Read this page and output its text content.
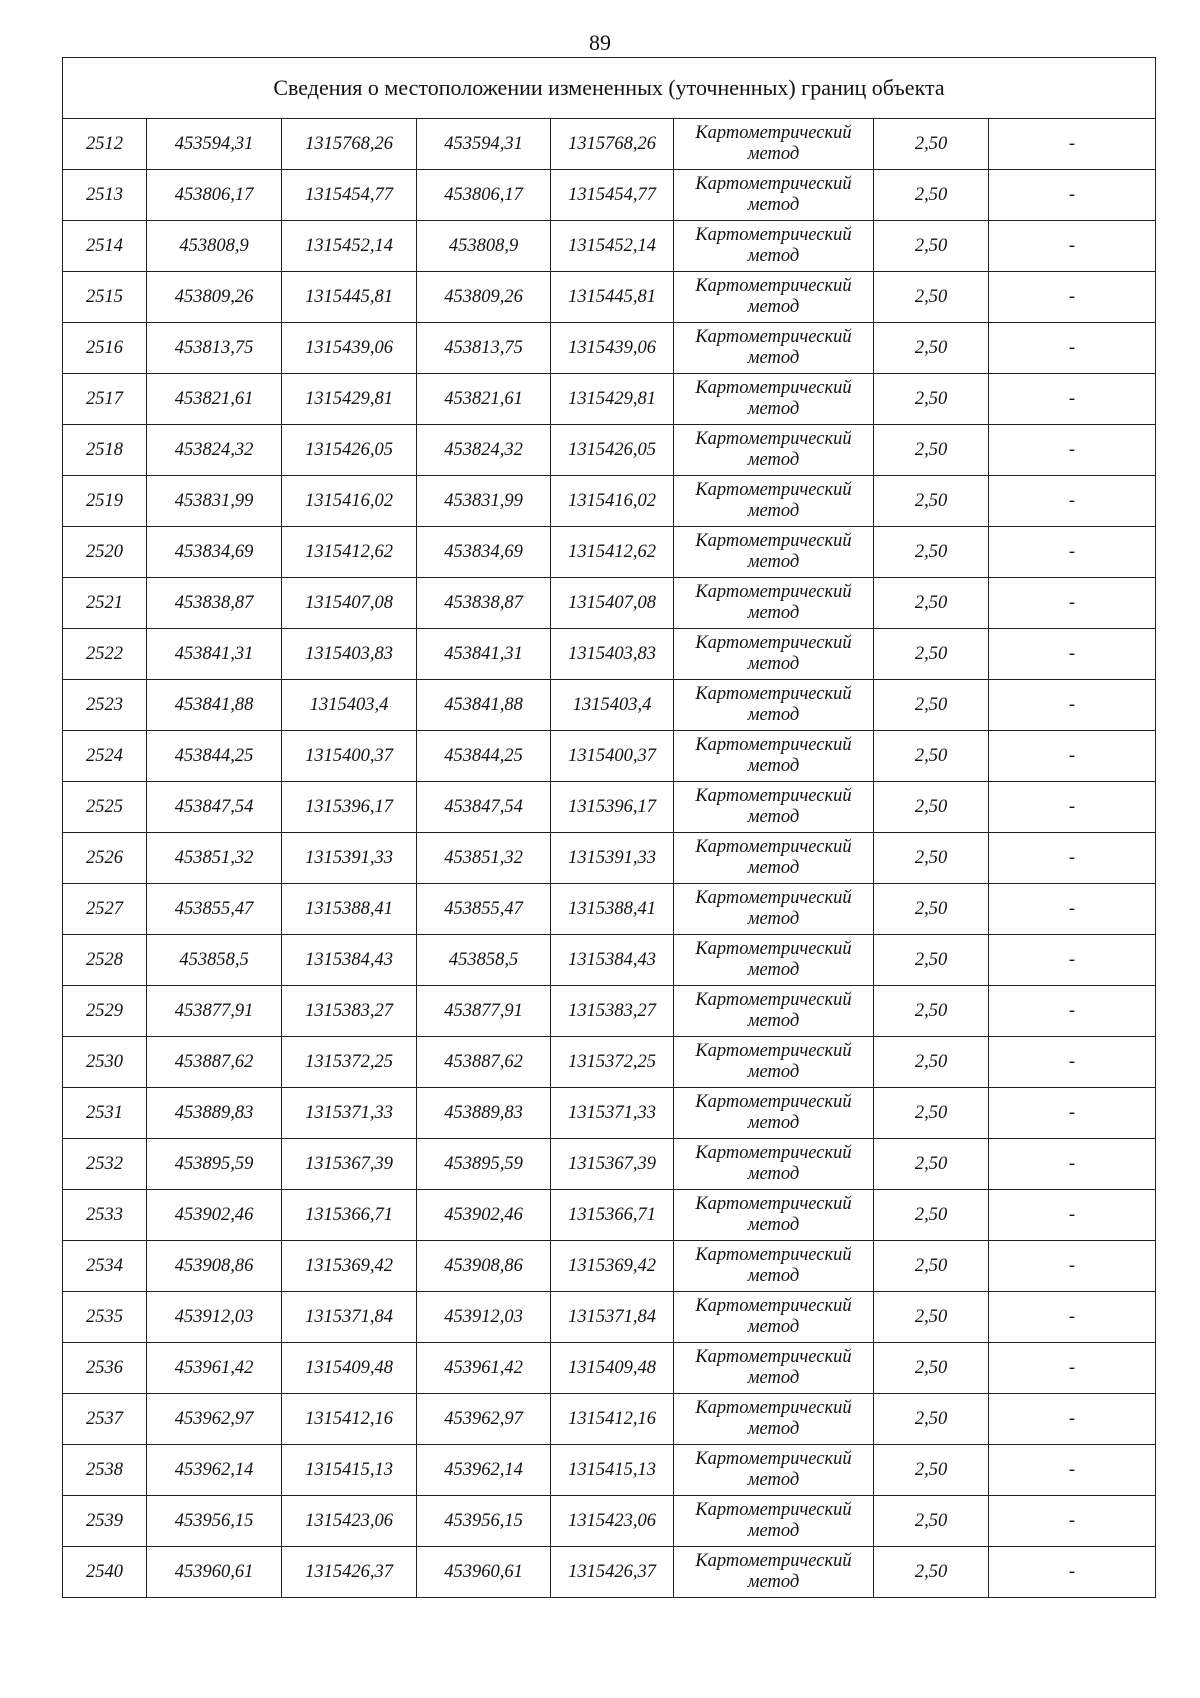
89
Сведения о местоположении измененных (уточненных) границ объекта							
2512	453594,31	1315768,26	453594,31	1315768,26	Картометрический
метод	2,50	-
2513	453806,17	1315454,77	453806,17	1315454,77	Картометрический
метод	2,50	-
2514	453808,9	1315452,14	453808,9	1315452,14	Картометрический
метод	2,50	-
2515	453809,26	1315445,81	453809,26	1315445,81	Картометрический
метод	2,50	-
2516	453813,75	1315439,06	453813,75	1315439,06	Картометрический
метод	2,50	-
2517	453821,61	1315429,81	453821,61	1315429,81	Картометрический
метод	2,50	-
2518	453824,32	1315426,05	453824,32	1315426,05	Картометрический
метод	2,50	-
2519	453831,99	1315416,02	453831,99	1315416,02	Картометрический
метод	2,50	-
2520	453834,69	1315412,62	453834,69	1315412,62	Картометрический
метод	2,50	-
2521	453838,87	1315407,08	453838,87	1315407,08	Картометрический
метод	2,50	-
2522	453841,31	1315403,83	453841,31	1315403,83	Картометрический
метод	2,50	-
2523	453841,88	1315403,4	453841,88	1315403,4	Картометрический
метод	2,50	-
2524	453844,25	1315400,37	453844,25	1315400,37	Картометрический
метод	2,50	-
2525	453847,54	1315396,17	453847,54	1315396,17	Картометрический
метод	2,50	-
2526	453851,32	1315391,33	453851,32	1315391,33	Картометрический
метод	2,50	-
2527	453855,47	1315388,41	453855,47	1315388,41	Картометрический
метод	2,50	-
2528	453858,5	1315384,43	453858,5	1315384,43	Картометрический
метод	2,50	-
2529	453877,91	1315383,27	453877,91	1315383,27	Картометрический
метод	2,50	-
2530	453887,62	1315372,25	453887,62	1315372,25	Картометрический
метод	2,50	-
2531	453889,83	1315371,33	453889,83	1315371,33	Картометрический
метод	2,50	-
2532	453895,59	1315367,39	453895,59	1315367,39	Картометрический
метод	2,50	-
2533	453902,46	1315366,71	453902,46	1315366,71	Картометрический
метод	2,50	-
2534	453908,86	1315369,42	453908,86	1315369,42	Картометрический
метод	2,50	-
2535	453912,03	1315371,84	453912,03	1315371,84	Картометрический
метод	2,50	-
2536	453961,42	1315409,48	453961,42	1315409,48	Картометрический
метод	2,50	-
2537	453962,97	1315412,16	453962,97	1315412,16	Картометрический
метод	2,50	-
2538	453962,14	1315415,13	453962,14	1315415,13	Картометрический
метод	2,50	-
2539	453956,15	1315423,06	453956,15	1315423,06	Картометрический
метод	2,50	-
2540	453960,61	1315426,37	453960,61	1315426,37	Картометрический
метод	2,50	-
